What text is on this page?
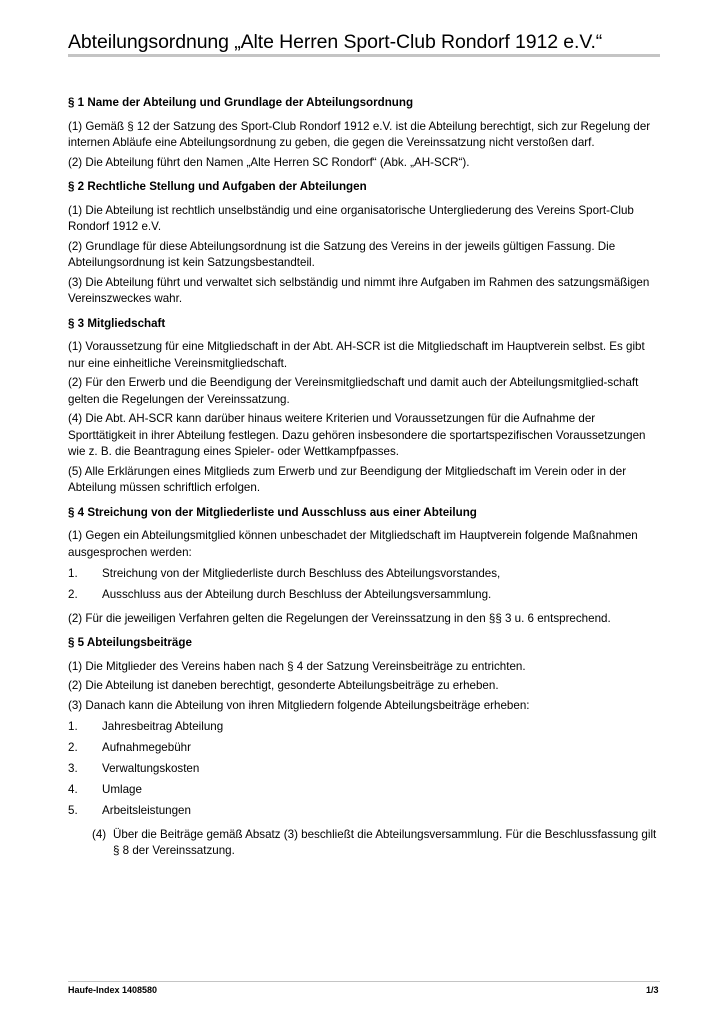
Abteilungsordnung „Alte Herren Sport-Club Rondorf 1912 e.V.“
§ 1 Name der Abteilung und Grundlage der Abteilungsordnung
(1) Gemäß § 12 der Satzung des Sport-Club Rondorf 1912 e.V. ist die Abteilung berechtigt, sich zur Regelung der internen Abläufe eine Abteilungsordnung zu geben, die gegen die Vereinssatzung nicht verstoßen darf.
(2) Die Abteilung führt den Namen „Alte Herren SC Rondorf“ (Abk. „AH-SCR“).
§ 2 Rechtliche Stellung und Aufgaben der Abteilungen
(1) Die Abteilung ist rechtlich unselbständig und eine organisatorische Untergliederung des Vereins Sport-Club Rondorf 1912 e.V.
(2) Grundlage für diese Abteilungsordnung ist die Satzung des Vereins in der jeweils gültigen Fassung. Die Abteilungsordnung ist kein Satzungsbestandteil.
(3) Die Abteilung führt und verwaltet sich selbständig und nimmt ihre Aufgaben im Rahmen des satzungsmäßigen Vereinszweckes wahr.
§ 3 Mitgliedschaft
(1) Voraussetzung für eine Mitgliedschaft in der Abt. AH-SCR ist die Mitgliedschaft im Hauptverein selbst. Es gibt nur eine einheitliche Vereinsmitgliedschaft.
(2) Für den Erwerb und die Beendigung der Vereinsmitgliedschaft und damit auch der Abteilungsmitglied-schaft gelten die Regelungen der Vereinssatzung.
(4) Die Abt. AH-SCR kann darüber hinaus weitere Kriterien und Voraussetzungen für die Aufnahme der Sporttätigkeit in ihrer Abteilung festlegen. Dazu gehören insbesondere die sportartspezifischen Voraussetzungen wie z. B. die Beantragung eines Spieler- oder Wettkampfpasses.
(5) Alle Erklärungen eines Mitglieds zum Erwerb und zur Beendigung der Mitgliedschaft im Verein oder in der Abteilung müssen schriftlich erfolgen.
§ 4 Streichung von der Mitgliederliste und Ausschluss aus einer Abteilung
(1) Gegen ein Abteilungsmitglied können unbeschadet der Mitgliedschaft im Hauptverein folgende Maßnahmen ausgesprochen werden:
1.	Streichung von der Mitgliederliste durch Beschluss des Abteilungsvorstandes,
2.	Ausschluss aus der Abteilung durch Beschluss der Abteilungsversammlung.
(2) Für die jeweiligen Verfahren gelten die Regelungen der Vereinssatzung in den §§ 3 u. 6 entsprechend.
§ 5 Abteilungsbeiträge
(1) Die Mitglieder des Vereins haben nach § 4 der Satzung Vereinsbeiträge zu entrichten.
(2) Die Abteilung ist daneben berechtigt, gesonderte Abteilungsbeiträge zu erheben.
(3) Danach kann die Abteilung von ihren Mitgliedern folgende Abteilungsbeiträge erheben:
1.	Jahresbeitrag Abteilung
2.	Aufnahmegebühr
3.	Verwaltungskosten
4.	Umlage
5.	Arbeitsleistungen
(4) Über die Beiträge gemäß Absatz (3) beschließt die Abteilungsversammlung. Für die Beschlussfassung gilt § 8 der Vereinssatzung.
Haufe-Index 1408580	1/3
